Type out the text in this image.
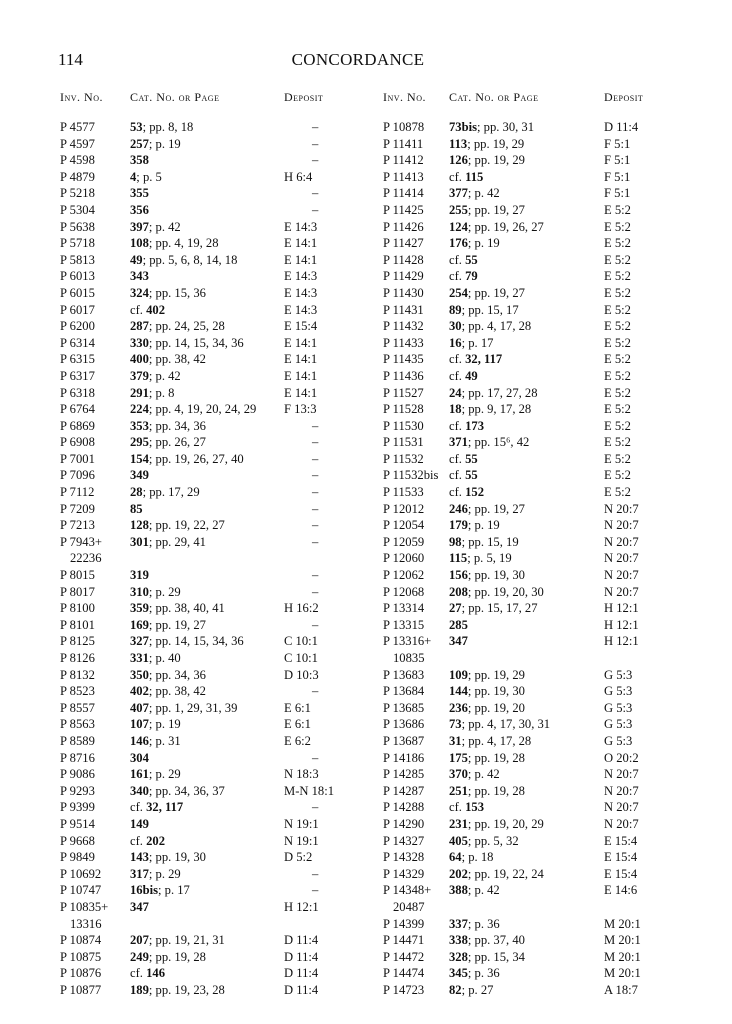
114	CONCORDANCE
Inv. No. Cat. No. or Page	Deposit
P 4577	53; pp. 8, 18	–
P 4597	257; p. 19	–
P 4598	358	–
P 4879	4; p. 5	H 6:4
P 5218	355	–
P 5304	356	–
P 5638	397; p. 42	E 14:3
P 5718	108; pp. 4, 19, 28	E 14:1
P 5813	49; pp. 5, 6, 8, 14, 18	E 14:1
P 6013	343	E 14:3
P 6015	324; pp. 15, 36	E 14:3
P 6017	cf. 402	E 14:3
P 6200	287; pp. 24, 25, 28	E 15:4
P 6314	330; pp. 14, 15, 34, 36	E 14:1
P 6315	400; pp. 38, 42	E 14:1
P 6317	379; p. 42	E 14:1
P 6318	291; p. 8	E 14:1
P 6764	224; pp. 4, 19, 20, 24, 29 F 13:3
P 6869	353; pp. 34, 36	–
P 6908	295; pp. 26, 27	–
P 7001	154; pp. 19, 26, 27, 40	–
P 7096	349	–
P 7112	28; pp. 17, 29	–
P 7209	85	–
P 7213	128; pp. 19, 22, 27	–
P 7943+ 301; pp. 29, 41	–
22236
P 8015	319	–
P 8017	310; p. 29	–
P 8100	359; pp. 38, 40, 41	H 16:2
P 8101	169; pp. 19, 27	–
P 8125	327; pp. 14, 15, 34, 36	C 10:1
P 8126	331; p. 40	C 10:1
P 8132	350; pp. 34, 36	D 10:3
P 8523	402; pp. 38, 42	–
P 8557	407; pp. 1, 29, 31, 39	E 6:1
P 8563	107; p. 19	E 6:1
P 8589	146; p. 31	E 6:2
P 8716	304	–
P 9086	161; p. 29	N 18:3
P 9293	340; pp. 34, 36, 37	M-N 18:1
P 9399	cf. 32, 117	–
P 9514	149	N 19:1
P 9668	cf. 202	N 19:1
P 9849	143; pp. 19, 30	D 5:2
P 10692 317; p. 29	–
P 10747 16bis; p. 17	–
P 10835+ 347	H 12:1
13316
P 10874 207; pp. 19, 21, 31	D 11:4
P 10875 249; pp. 19, 28	D 11:4
P 10876 cf. 146	D 11:4
P 10877 189; pp. 19, 23, 28	D 11:4
Inv. No. Cat. No. or Page	Deposit
P 10878 73bis; pp. 30, 31	D 11:4
P 11411 113; pp. 19, 29	F 5:1
P 11412 126; pp. 19, 29	F 5:1
P 11413 cf. 115	F 5:1
P 11414 377; p. 42	F 5:1
P 11425 255; pp. 19, 27	E 5:2
P 11426 124; pp. 19, 26, 27	E 5:2
P 11427 176; p. 19	E 5:2
P 11428 cf. 55	E 5:2
P 11429 cf. 79	E 5:2
P 11430 254; pp. 19, 27	E 5:2
P 11431 89; pp. 15, 17	E 5:2
P 11432 30; pp. 4, 17, 28	E 5:2
P 11433 16; p. 17	E 5:2
P 11435 cf. 32, 117	E 5:2
P 11436 cf. 49	E 5:2
P 11527 24; pp. 17, 27, 28	E 5:2
P 11528 18; pp. 9, 17, 28	E 5:2
P 11530 cf. 173	E 5:2
P 11531 371; pp. 15⁶, 42	E 5:2
P 11532 cf. 55	E 5:2
P 11532bis cf. 55	E 5:2
P 11533 cf. 152	E 5:2
P 12012 246; pp. 19, 27	N 20:7
P 12054 179; p. 19	N 20:7
P 12059 98; pp. 15, 19	N 20:7
P 12060 115; p. 5, 19	N 20:7
P 12062 156; pp. 19, 30	N 20:7
P 12068 208; pp. 19, 20, 30	N 20:7
P 13314 27; pp. 15, 17, 27	H 12:1
P 13315 285	H 12:1
P 13316+ 347	H 12:1
10835
P 13683 109; pp. 19, 29	G 5:3
P 13684 144; pp. 19, 30	G 5:3
P 13685 236; pp. 19, 20	G 5:3
P 13686 73; pp. 4, 17, 30, 31	G 5:3
P 13687 31; pp. 4, 17, 28	G 5:3
P 14186 175; pp. 19, 28	O 20:2
P 14285 370; p. 42	N 20:7
P 14287 251; pp. 19, 28	N 20:7
P 14288 cf. 153	N 20:7
P 14290 231; pp. 19, 20, 29	N 20:7
P 14327 405; pp. 5, 32	E 15:4
P 14328 64; p. 18	E 15:4
P 14329 202; pp. 19, 22, 24	E 15:4
P 14348+ 388; p. 42	E 14:6
20487
P 14399 337; p. 36	M 20:1
P 14471 338; pp. 37, 40	M 20:1
P 14472 328; pp. 15, 34	M 20:1
P 14474 345; p. 36	M 20:1
P 14723 82; p. 27	A 18:7
